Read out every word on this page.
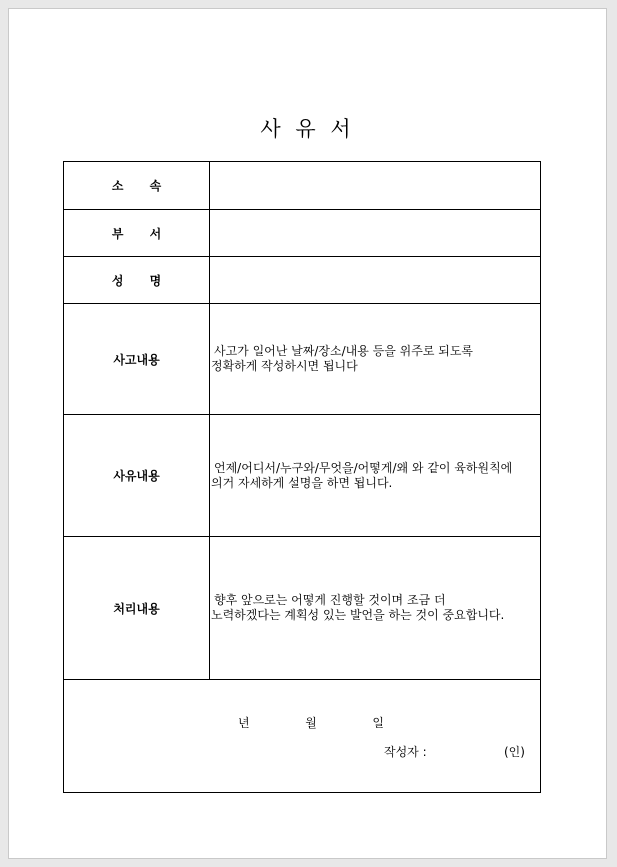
사 유 서
소 속	

부 서	

성 명	

사고내용	사고가 일어난 날짜/장소/내용 등을 위주로 되도록
정확하게 작성하시면 됩니다

사유내용	언제/어디서/누구와/무엇을/어떻게/왜 와 같이 육하원칙에
의거 자세하게 설명을 하면 됩니다.

처리내용	향후 앞으로는 어떻게 진행할 것이며 조금 더
노력하겠다는 계획성 있는 발언을 하는 것이 중요합니다.

년 월 일
작성자 : (인)	
